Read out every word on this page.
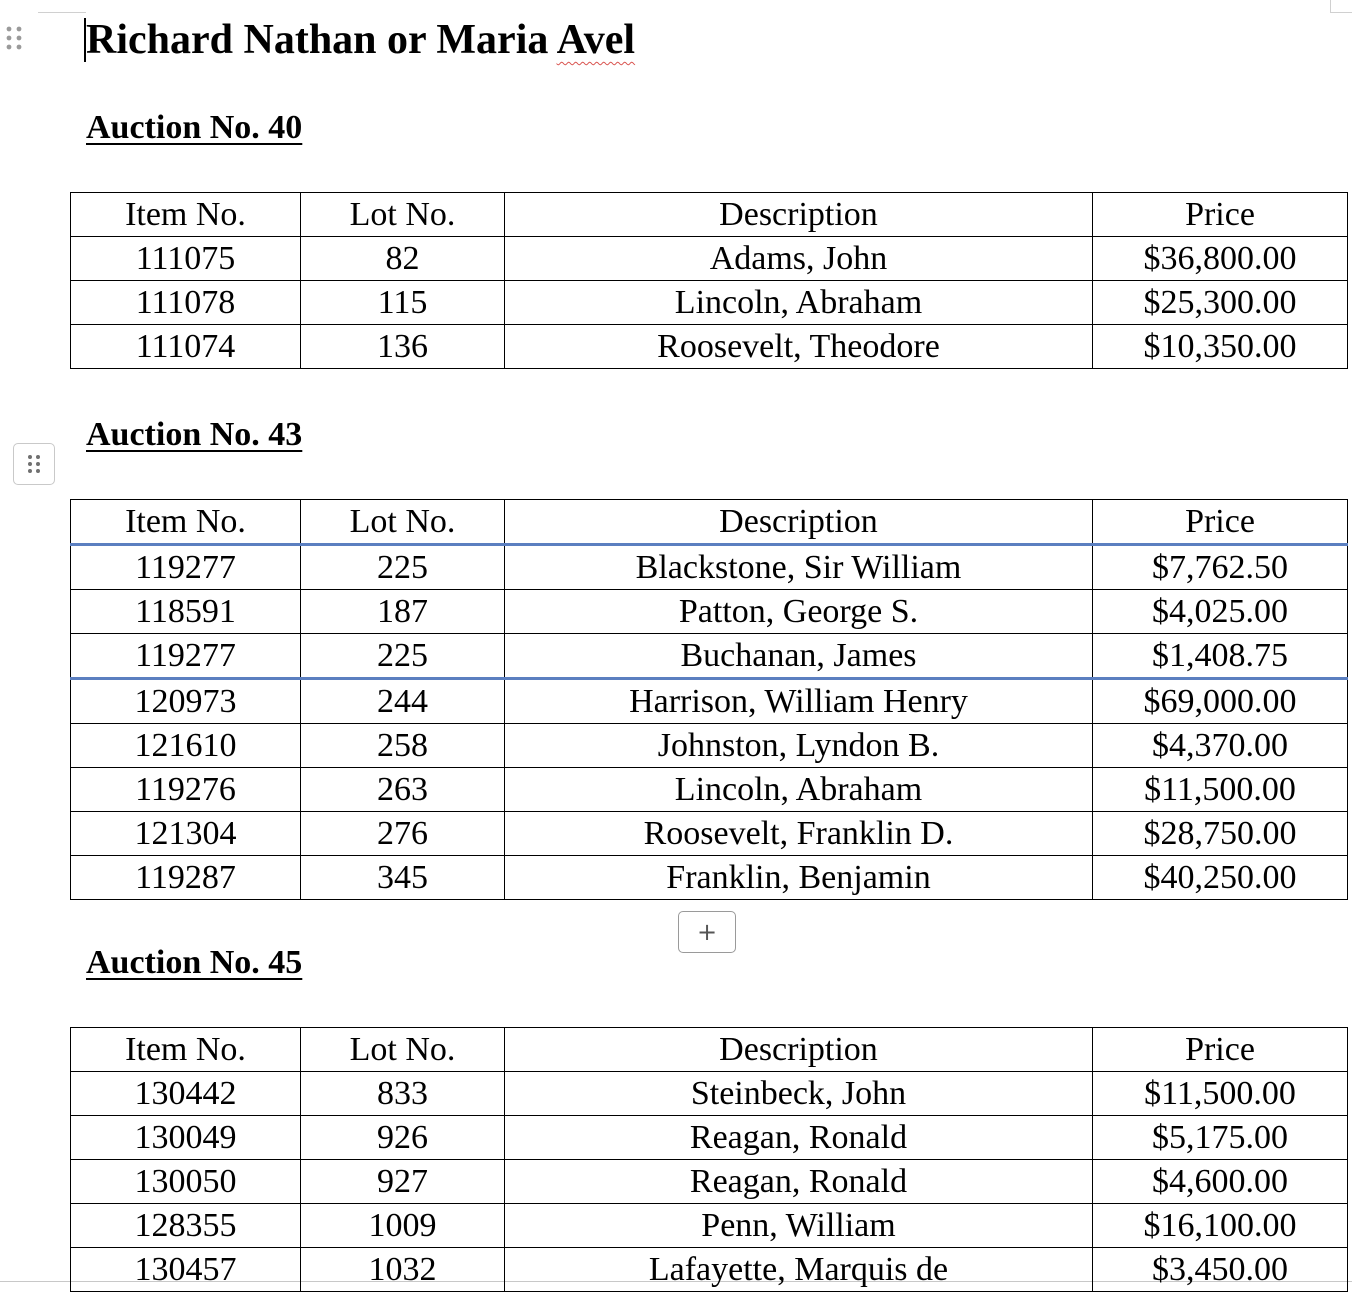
Richard Nathan or Maria Avel
Auction No. 40
Item No.	Lot No.	Description	Price
111075	82	Adams, John	$36,800.00
111078	115	Lincoln, Abraham	$25,300.00
111074	136	Roosevelt, Theodore	$10,350.00
Auction No. 43
Item No.	Lot No.	Description	Price
119277	225	Blackstone, Sir William	$7,762.50
118591	187	Patton, George S.	$4,025.00
119277	225	Buchanan, James	$1,408.75
120973	244	Harrison, William Henry	$69,000.00
121610	258	Johnston, Lyndon B.	$4,370.00
119276	263	Lincoln, Abraham	$11,500.00
121304	276	Roosevelt, Franklin D.	$28,750.00
119287	345	Franklin, Benjamin	$40,250.00
+
Auction No. 45
Item No.	Lot No.	Description	Price
130442	833	Steinbeck, John	$11,500.00
130049	926	Reagan, Ronald	$5,175.00
130050	927	Reagan, Ronald	$4,600.00
128355	1009	Penn, William	$16,100.00
130457	1032	Lafayette, Marquis de	$3,450.00
